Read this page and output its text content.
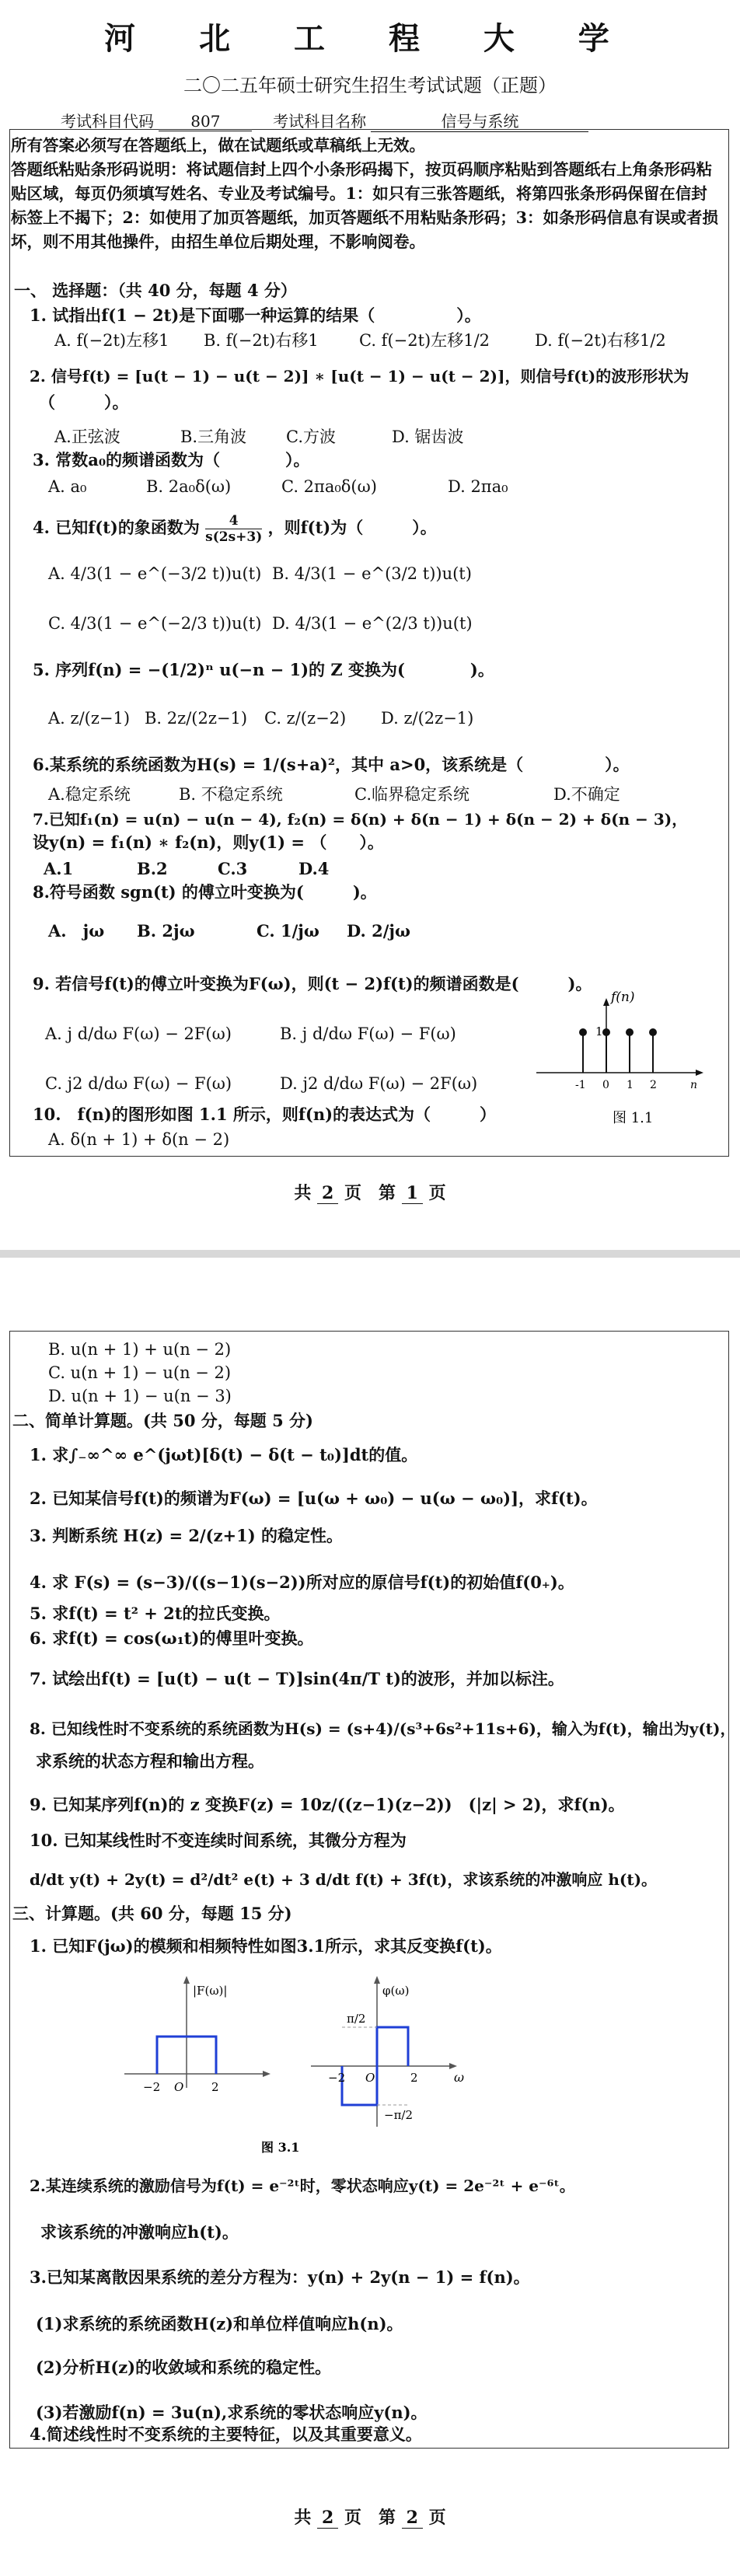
河 北 工 程 大 学
二〇二五年硕士研究生招生考试试题（正题）
考试科目代码 807	考试科目名称	信号与系统

所有答案必须写在答题纸上，做在试题纸或草稿纸上无效。

答题纸粘贴条形码说明：将试题信封上四个小条形码揭下，按页码顺序粘贴到答题纸右上角条形码粘贴区域，每页仍须填写姓名、专业及考试编号。1：如只有三张答题纸，将第四张条形码保留在信封标签上不揭下；2：如使用了加页答题纸，加页答题纸不用粘贴条形码；3：如条形码信息有误或者损坏，则不用其他操件，由招生单位后期处理，不影响阅卷。

一、 选择题：（共 40 分，每题 4 分）
1. 试指出f(1 − 2t)是下面哪一种运算的结果（　　　　　）。
A. f(−2t)左移1 B. f(−2t)右移1 C. f(−2t)左移1/2	D. f(−2t)右移1/2
2. 信号f(t) = [u(t − 1) − u(t − 2)] ∗ [u(t − 1) − u(t − 2)]，则信号f(t)的波形形状为
（　　　）。
A.正弦波	B.三角波 C.方波	D. 锯齿波
3. 常数a₀的频谱函数为（　　　　）。
A. a₀	B. 2a₀δ(ω)	C. 2πa₀δ(ω)	D. 2πa₀
4. 已知f(t)的象函数为 $\frac{4}{s(2s+3)}$ ，则f(t)为（　　　）。
A. 4/3(1 − e^(−3/2 t))u(t) B. 4/3(1 − e^(3/2 t))u(t)
C. 4/3(1 − e^(−2/3 t))u(t) D. 4/3(1 − e^(2/3 t))u(t)
5. 序列f(n) = −(1/2)ⁿ u(−n − 1)的 Z 变换为(　　　　)。
A. z/(z−1) B. 2z/(2z−1) C. z/(z−2) D. z/(2z−1)
6.某系统的系统函数为H(s) = 1/(s+a)²，其中 a>0，该系统是（　　　　　）。
A.稳定系统	B. 不稳定系统	C.临界稳定系统	D.不确定
7.已知f₁(n) = u(n) − u(n − 4), f₂(n) = δ(n) + δ(n − 1) + δ(n − 2) + δ(n − 3)，
设y(n) = f₁(n) ∗ f₂(n)，则y(1) = （　　）。
A.1	B.2	C.3	D.4
8.符号函数 sgn(t) 的傅立叶变换为(　　　)。
A.　jω B. 2jω	C. 1/jω D. 2/jω
9. 若信号f(t)的傅立叶变换为F(ω)，则(t − 2)f(t)的频谱函数是(　　　)。
A. j d/dω F(ω) − 2F(ω)	B. j d/dω F(ω) − F(ω)
C. j2 d/dω F(ω) − F(ω)	D. j2 d/dω F(ω) − 2F(ω)
10.　f(n)的图形如图 1.1 所示，则f(n)的表达式为（　　　）
A. δ(n + 1) + δ(n − 2)
f(n)
1
-1 0 1 2	n
图 1.1
共 2 页　第 1 页
B. u(n + 1) + u(n − 2)
C. u(n + 1) − u(n − 2)
D. u(n + 1) − u(n − 3)
二、简单计算题。(共 50 分，每题 5 分)
1. 求∫₋∞^∞ e^(jωt)[δ(t) − δ(t − t₀)]dt的值。
2. 已知某信号f(t)的频谱为F(ω) = [u(ω + ω₀) − u(ω − ω₀)]，求f(t)。
3. 判断系统 H(z) = 2/(z+1) 的稳定性。
4. 求 F(s) = (s−3)/((s−1)(s−2))所对应的原信号f(t)的初始值f(0₊)。
5. 求f(t) = t² + 2t的拉氏变换。
6. 求f(t) = cos(ω₁t)的傅里叶变换。
7. 试绘出f(t) = [u(t) − u(t − T)]sin(4π/T t)的波形，并加以标注。
8. 已知线性时不变系统的系统函数为H(s) = (s+4)/(s³+6s²+11s+6)，输入为f(t)，输出为y(t)，
求系统的状态方程和输出方程。
9. 已知某序列f(n)的 z 变换F(z) = 10z/((z−1)(z−2))　(|z| > 2)，求f(n)。
10. 已知某线性时不变连续时间系统，其微分方程为
d/dt y(t) + 2y(t) = d²/dt² e(t) + 3 d/dt f(t) + 3f(t)，求该系统的冲激响应 h(t)。
三、计算题。(共 60 分，每题 15 分)
1. 已知F(jω)的模频和相频特性如图3.1所示，求其反变换f(t)。
|F(ω)|
−2 O 2
φ(ω)
π/2
−π/2
−2 O	2	ω
图 3.1
2.某连续系统的激励信号为f(t) = e⁻²ᵗ时，零状态响应y(t) = 2e⁻²ᵗ + e⁻⁶ᵗ。
求该系统的冲激响应h(t)。
3.已知某离散因果系统的差分方程为：y(n) + 2y(n − 1) = f(n)。
(1)求系统的系统函数H(z)和单位样值响应h(n)。
(2)分析H(z)的收敛域和系统的稳定性。
(3)若激励f(n) = 3u(n),求系统的零状态响应y(n)。
4.简述线性时不变系统的主要特征，以及其重要意义。
共 2 页　第 2 页
